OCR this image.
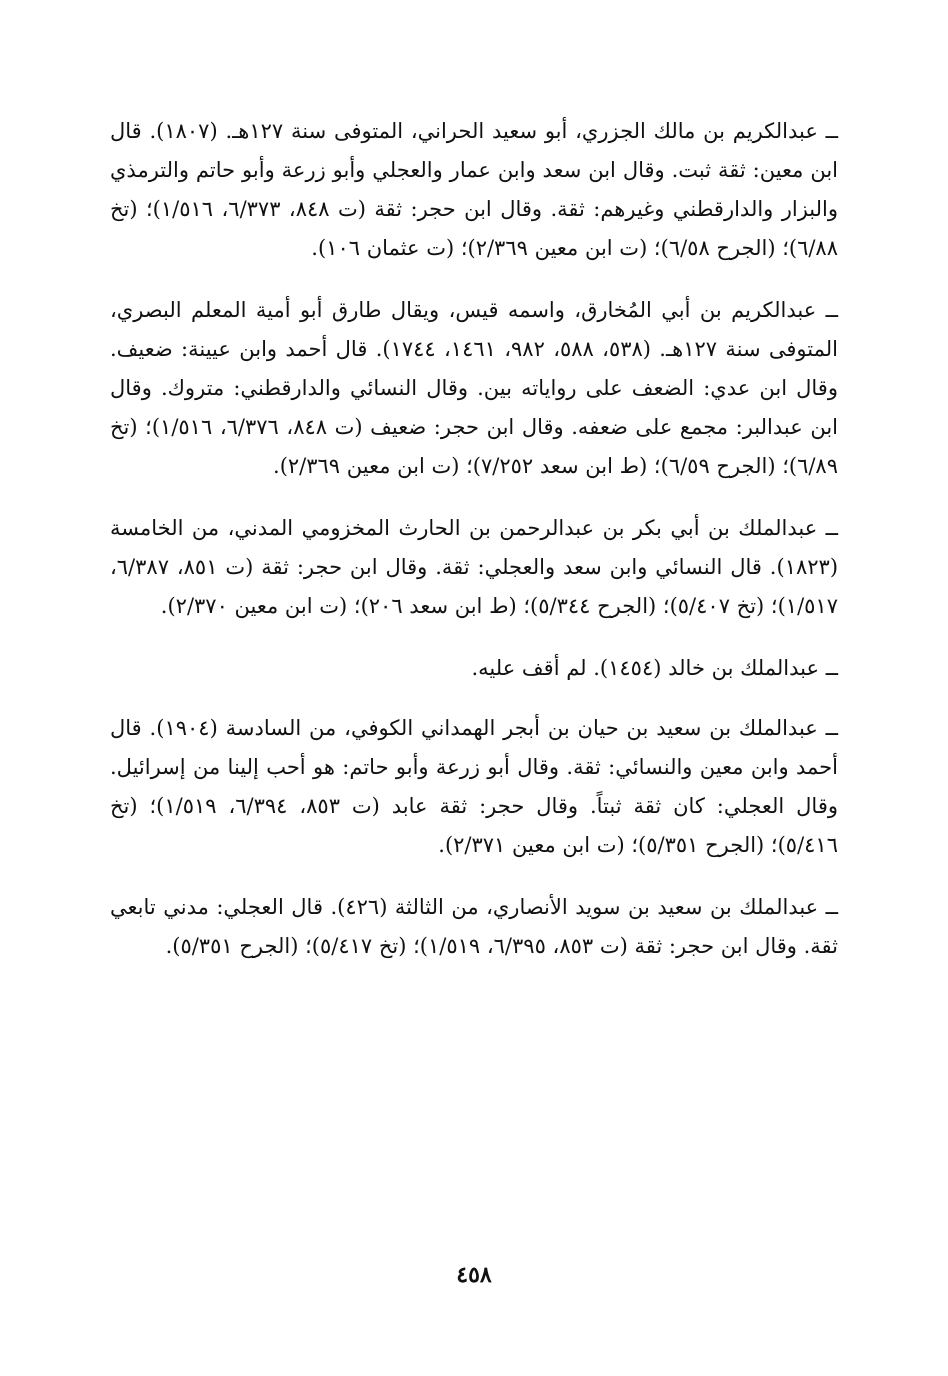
ــ عبدالكريم بن مالك الجزري، أبو سعيد الحراني، المتوفى سنة ١٢٧هـ. (١٨٠٧). قال ابن معين: ثقة ثبت. وقال ابن سعد وابن عمار والعجلي وأبو زرعة وأبو حاتم والترمذي والبزار والدارقطني وغيرهم: ثقة. وقال ابن حجر: ثقة (ت ٨٤٨، ٦/٣٧٣، ١/٥١٦)؛ (تخ ٦/٨٨)؛ (الجرح ٦/٥٨)؛ (ت ابن معين ٢/٣٦٩)؛ (ت عثمان ١٠٦).

ــ عبدالكريم بن أبي المُخارق، واسمه قيس، ويقال طارق أبو أمية المعلم البصري، المتوفى سنة ١٢٧هـ. (٥٣٨، ٥٨٨، ٩٨٢، ١٤٦١، ١٧٤٤). قال أحمد وابن عيينة: ضعيف. وقال ابن عدي: الضعف على رواياته بين. وقال النسائي والدارقطني: متروك. وقال ابن عبدالبر: مجمع على ضعفه. وقال ابن حجر: ضعيف (ت ٨٤٨، ٦/٣٧٦، ١/٥١٦)؛ (تخ ٦/٨٩)؛ (الجرح ٦/٥٩)؛ (ط ابن سعد ٧/٢٥٢)؛ (ت ابن معين ٢/٣٦٩).

ــ عبدالملك بن أبي بكر بن عبدالرحمن بن الحارث المخزومي المدني، من الخامسة (١٨٢٣). قال النسائي وابن سعد والعجلي: ثقة. وقال ابن حجر: ثقة (ت ٨٥١، ٦/٣٨٧، ١/٥١٧)؛ (تخ ٥/٤٠٧)؛ (الجرح ٥/٣٤٤)؛ (ط ابن سعد ٢٠٦)؛ (ت ابن معين ٢/٣٧٠).

ــ عبدالملك بن خالد (١٤٥٤). لم أقف عليه.

ــ عبدالملك بن سعيد بن حيان بن أبجر الهمداني الكوفي، من السادسة (١٩٠٤). قال أحمد وابن معين والنسائي: ثقة. وقال أبو زرعة وأبو حاتم: هو أحب إلينا من إسرائيل. وقال العجلي: كان ثقة ثبتاً. وقال حجر: ثقة عابد (ت ٨٥٣، ٦/٣٩٤، ١/٥١٩)؛ (تخ ٥/٤١٦)؛ (الجرح ٥/٣٥١)؛ (ت ابن معين ٢/٣٧١).

ــ عبدالملك بن سعيد بن سويد الأنصاري، من الثالثة (٤٢٦). قال العجلي: مدني تابعي ثقة. وقال ابن حجر: ثقة (ت ٨٥٣، ٦/٣٩٥، ١/٥١٩)؛ (تخ ٥/٤١٧)؛ (الجرح ٥/٣٥١).

٤٥٨
